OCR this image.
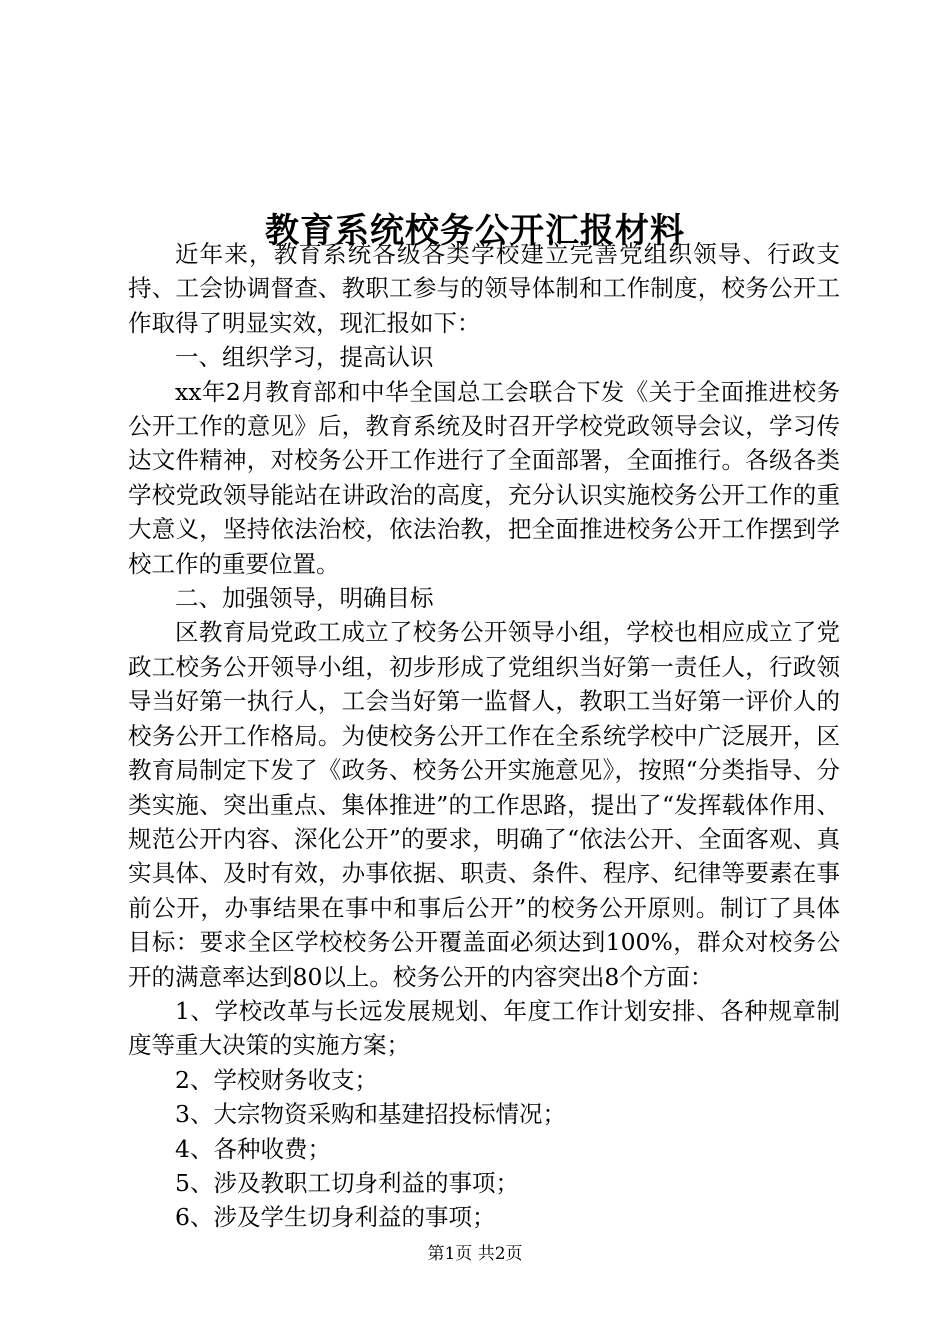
教育系统校务公开汇报材料

近年来，教育系统各级各类学校建立完善党组织领导、行政支持、工会协调督查、教职工参与的领导体制和工作制度，校务公开工作取得了明显实效，现汇报如下：

一、组织学习，提高认识

xx年2月教育部和中华全国总工会联合下发《关于全面推进校务公开工作的意见》后，教育系统及时召开学校党政领导会议，学习传达文件精神，对校务公开工作进行了全面部署，全面推行。各级各类学校党政领导能站在讲政治的高度，充分认识实施校务公开工作的重大意义，坚持依法治校，依法治教，把全面推进校务公开工作摆到学校工作的重要位置。

二、加强领导，明确目标

区教育局党政工成立了校务公开领导小组，学校也相应成立了党政工校务公开领导小组，初步形成了党组织当好第一责任人，行政领导当好第一执行人，工会当好第一监督人，教职工当好第一评价人的校务公开工作格局。为使校务公开工作在全系统学校中广泛展开，区教育局制定下发了《政务、校务公开实施意见》，按照“分类指导、分类实施、突出重点、集体推进”的工作思路，提出了“发挥载体作用、规范公开内容、深化公开”的要求，明确了“依法公开、全面客观、真实具体、及时有效，办事依据、职责、条件、程序、纪律等要素在事前公开，办事结果在事中和事后公开”的校务公开原则。制订了具体目标：要求全区学校校务公开覆盖面必须达到100%，群众对校务公开的满意率达到80以上。校务公开的内容突出8个方面：

1、学校改革与长远发展规划、年度工作计划安排、各种规章制度等重大决策的实施方案；

2、学校财务收支；

3、大宗物资采购和基建招投标情况；

4、各种收费；

5、涉及教职工切身利益的事项；

6、涉及学生切身利益的事项；

第1页 共2页
